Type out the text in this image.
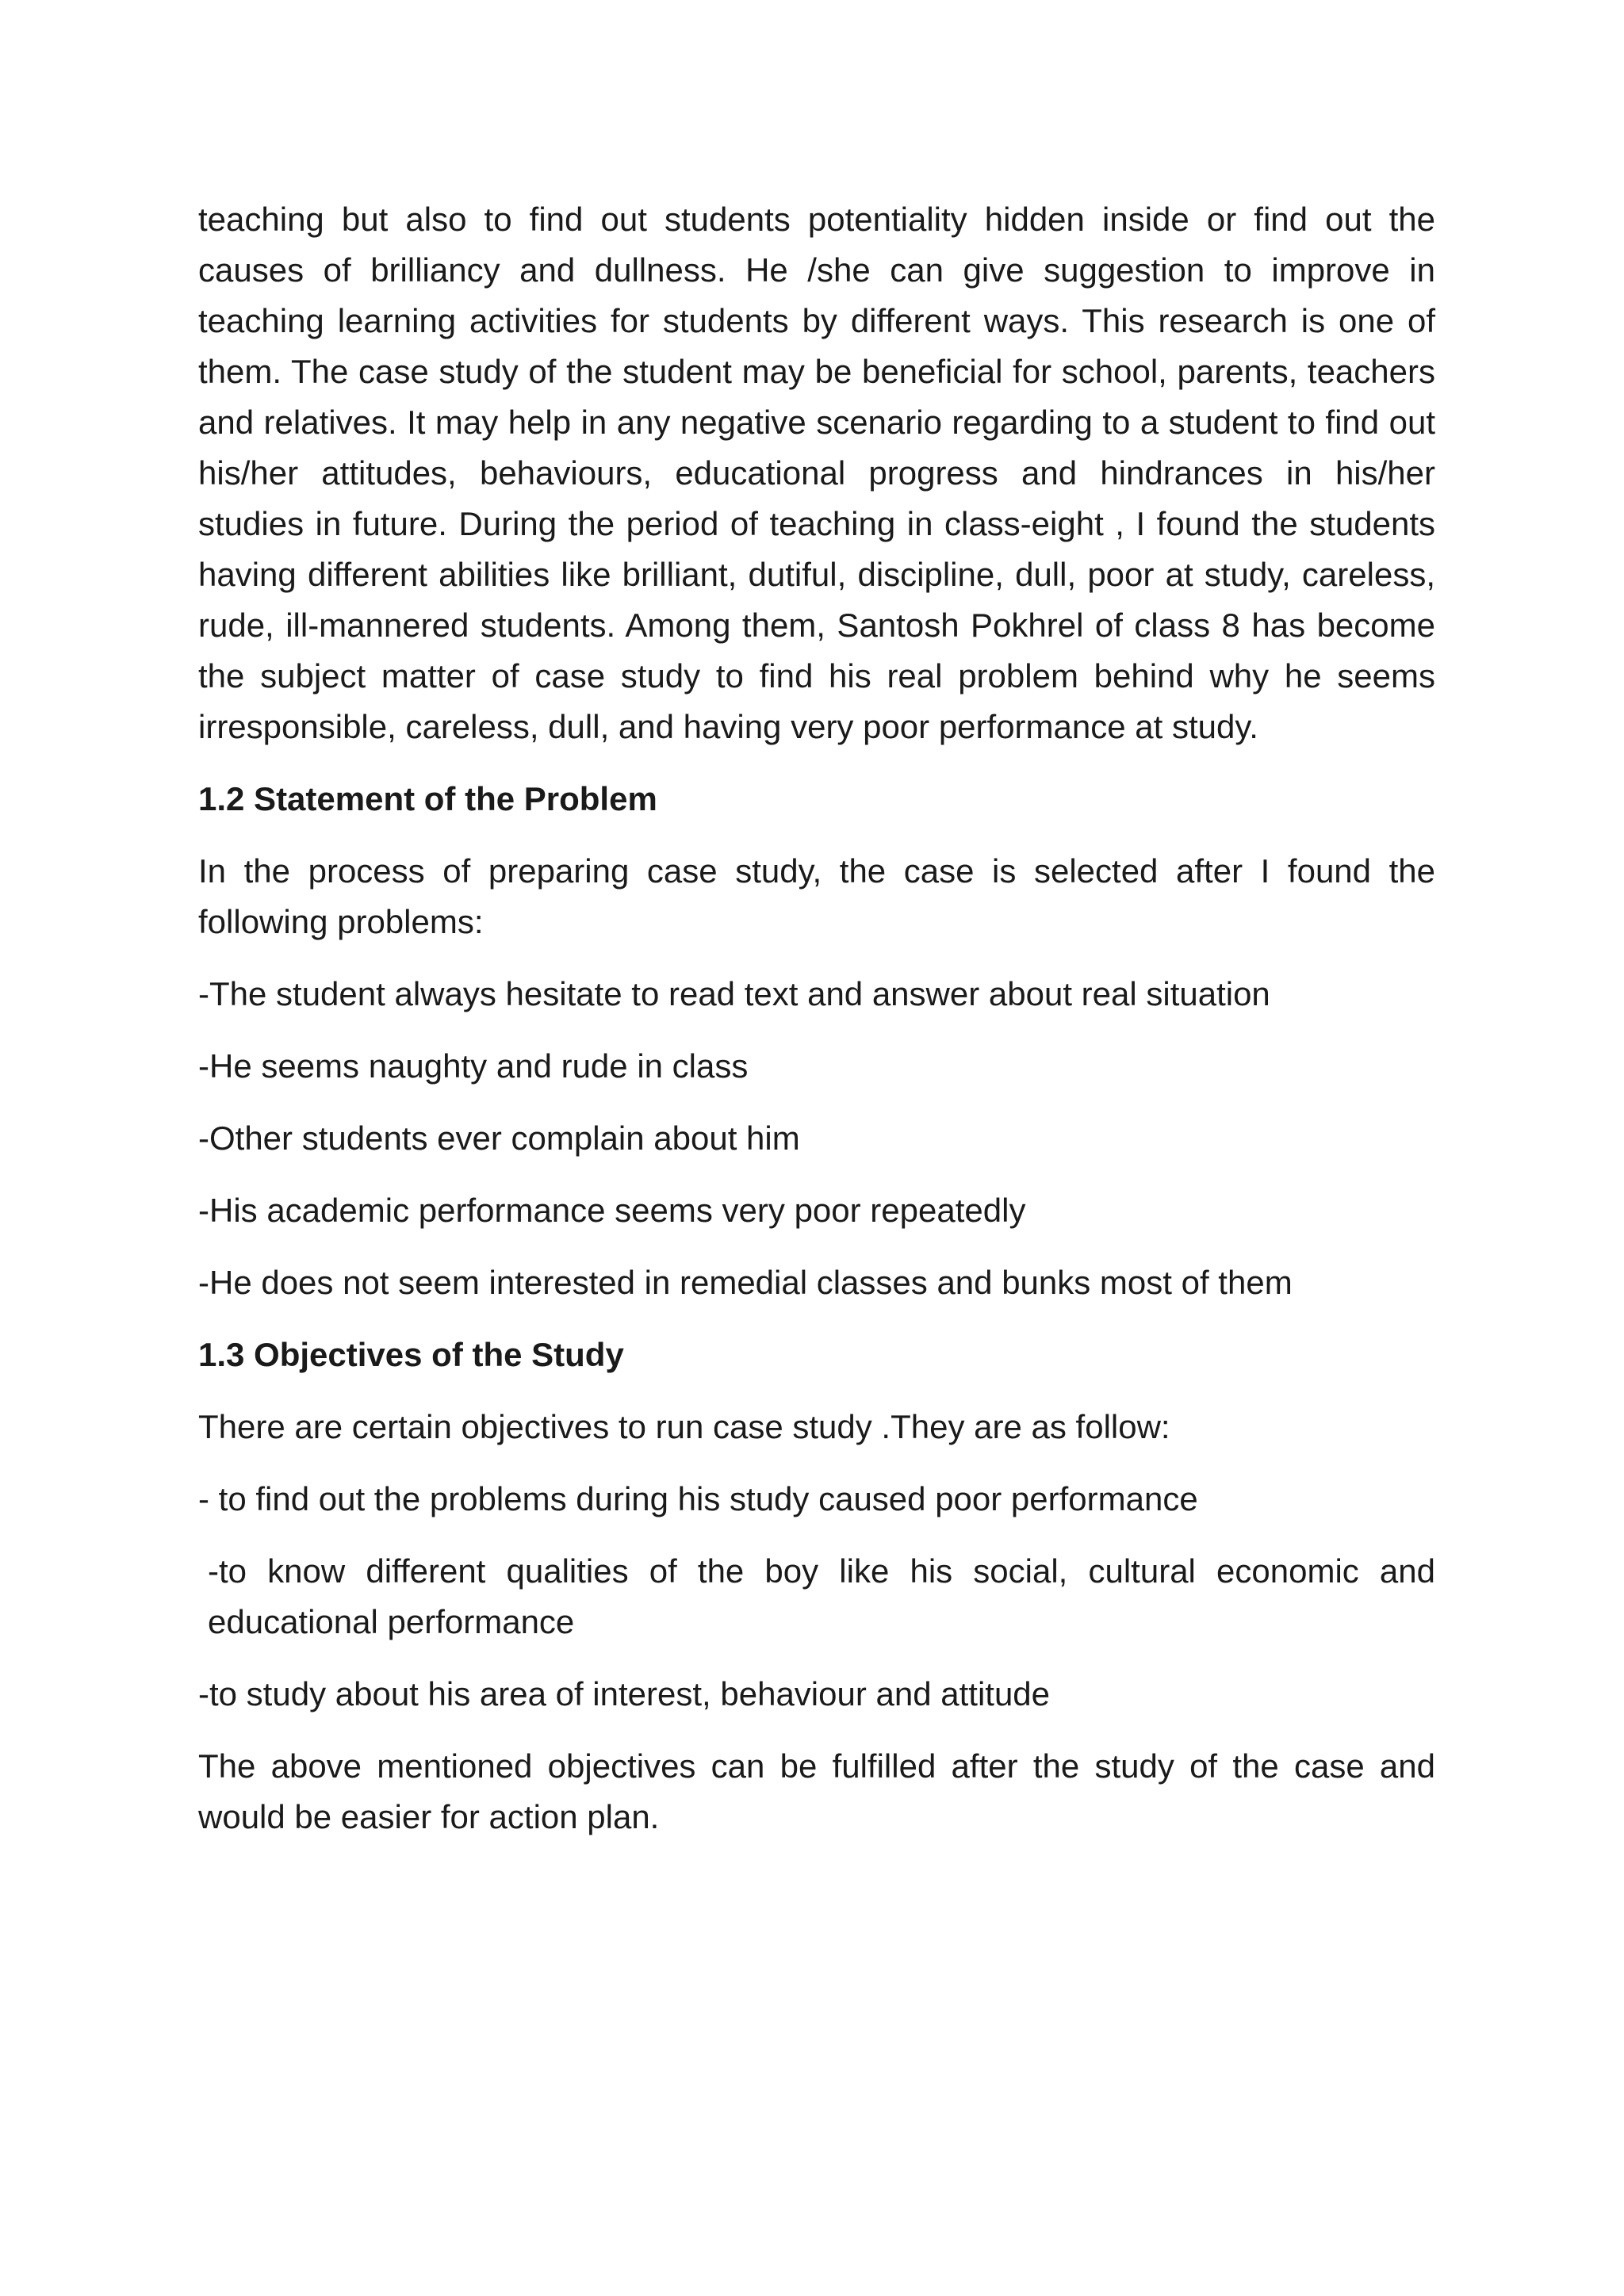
teaching but also to find out students potentiality hidden inside or find out the causes of brilliancy and dullness. He /she can give suggestion to improve in teaching learning activities for students by different ways. This research is one of them. The case study of the student may be beneficial for school, parents, teachers and relatives. It may help in any negative scenario regarding to a student to find out his/her attitudes, behaviours, educational progress and hindrances in his/her studies in future. During the period of teaching in class-eight , I found the students having different abilities like brilliant, dutiful, discipline, dull, poor at study, careless, rude, ill-mannered students. Among them, Santosh Pokhrel of class 8 has become the subject matter of case study to find his real problem behind why he seems irresponsible, careless, dull, and having very poor performance at study.

1.2 Statement of the Problem

In the process of preparing case study, the case is selected after I found the following problems:

-The student always hesitate to read text and answer about real situation

-He seems naughty and rude in class

-Other students ever complain about him

-His academic performance seems very poor repeatedly

-He does not seem interested in remedial classes and bunks most of them

1.3 Objectives of the Study

There are certain objectives to run case study .They are as follow:

- to find out the problems during his study caused poor performance

-to know different qualities of the boy like his social, cultural economic and educational performance

-to study about his area of interest, behaviour and attitude

The above mentioned objectives can be fulfilled after the study of the case and would be easier for action plan.
